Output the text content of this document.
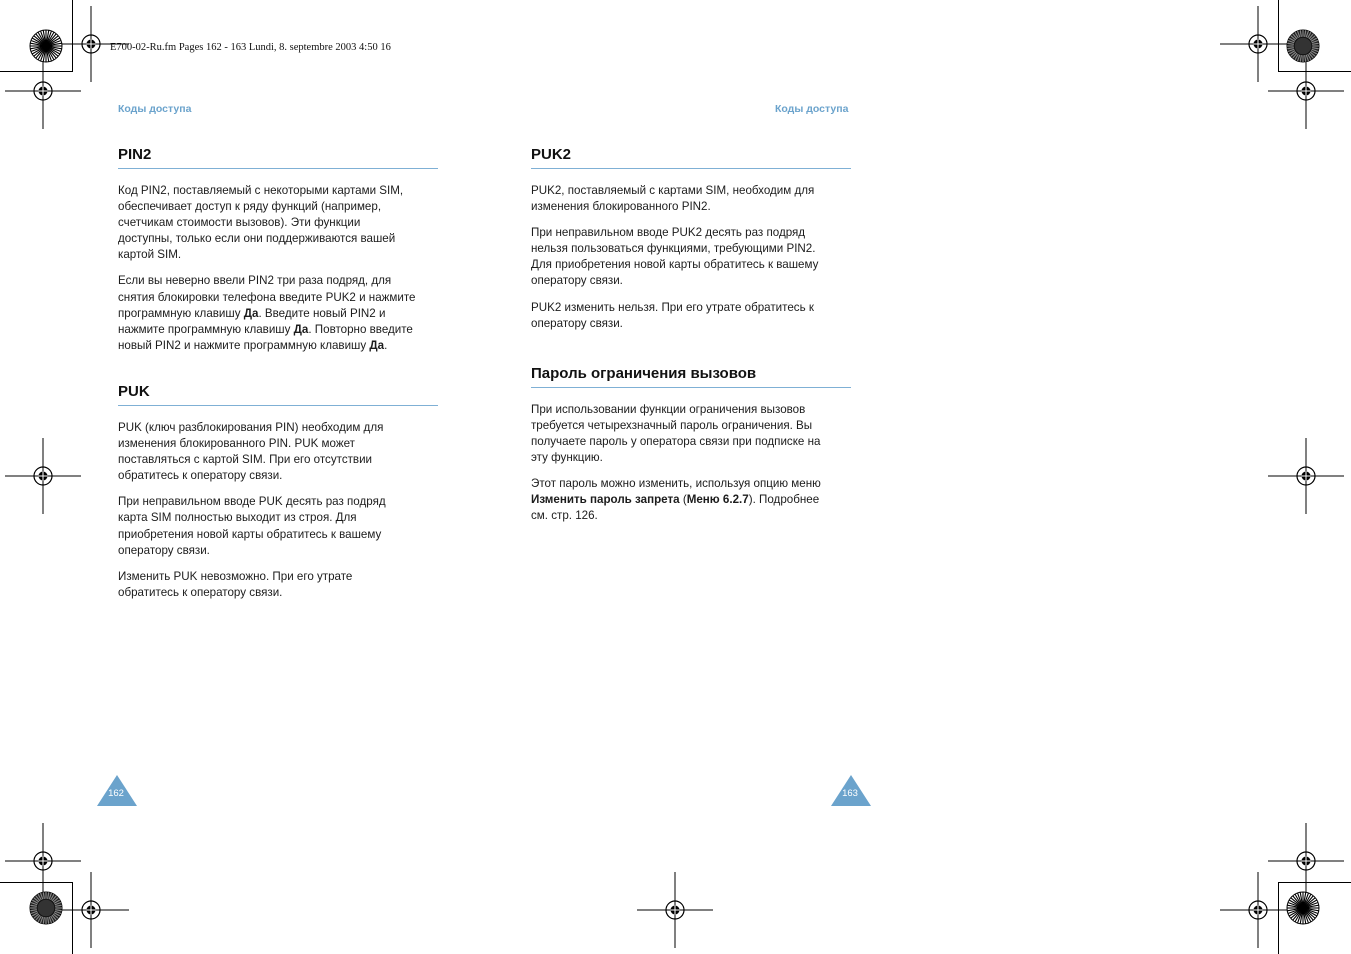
E700-02-Ru.fm Pages 162 - 163 Lundi, 8. septembre 2003 4:50 16
Коды доступа	Коды доступа
PIN2

Код PIN2, поставляемый с некоторыми картами SIM,
обеспечивает доступ к ряду функций (например,
счетчикам стоимости вызовов). Эти функции
доступны, только если они поддерживаются вашей
картой SIM.

Если вы неверно ввели PIN2 три раза подряд, для
снятия блокировки телефона введите PUK2 и нажмите
программную клавишу Да. Введите новый PIN2 и
нажмите программную клавишу Да. Повторно введите
новый PIN2 и нажмите программную клавишу Да.

PUK

PUK (ключ разблокирования PIN) необходим для
изменения блокированного PIN. PUK может
поставляться с картой SIM. При его отсутствии
обратитесь к оператору связи.

При неправильном вводе PUK десять раз подряд
карта SIM полностью выходит из строя. Для
приобретения новой карты обратитесь к вашему
оператору связи.

Изменить PUK невозможно. При его утрате
обратитесь к оператору связи.

PUK2

PUK2, поставляемый с картами SIM, необходим для
изменения блокированного PIN2.

При неправильном вводе PUK2 десять раз подряд
нельзя пользоваться функциями, требующими PIN2.
Для приобретения новой карты обратитесь к вашему
оператору связи.

PUK2 изменить нельзя. При его утрате обратитесь к
оператору связи.

Пароль ограничения вызовов

При использовании функции ограничения вызовов
требуется четырехзначный пароль ограничения. Вы
получаете пароль у оператора связи при подписке на
эту функцию.

Этот пароль можно изменить, используя опцию меню
Изменить пароль запрета (Меню 6.2.7). Подробнее
см. стр. 126.

162	163
